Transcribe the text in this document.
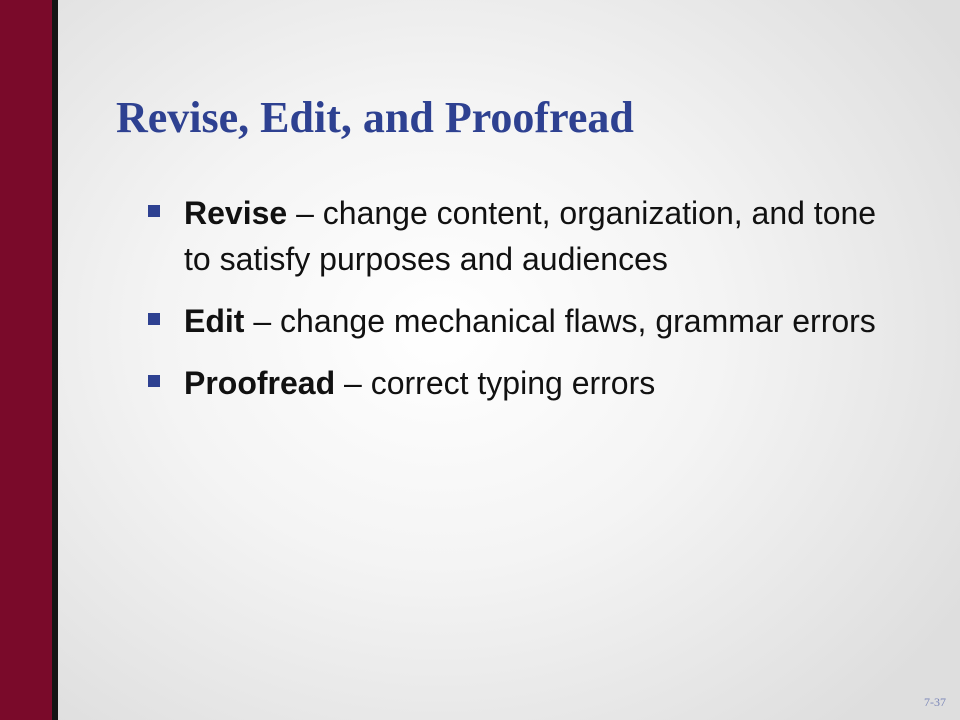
Revise, Edit, and Proofread
Revise – change content, organization, and tone to satisfy purposes and audiences
Edit – change mechanical flaws, grammar errors
Proofread – correct typing errors
7-37
